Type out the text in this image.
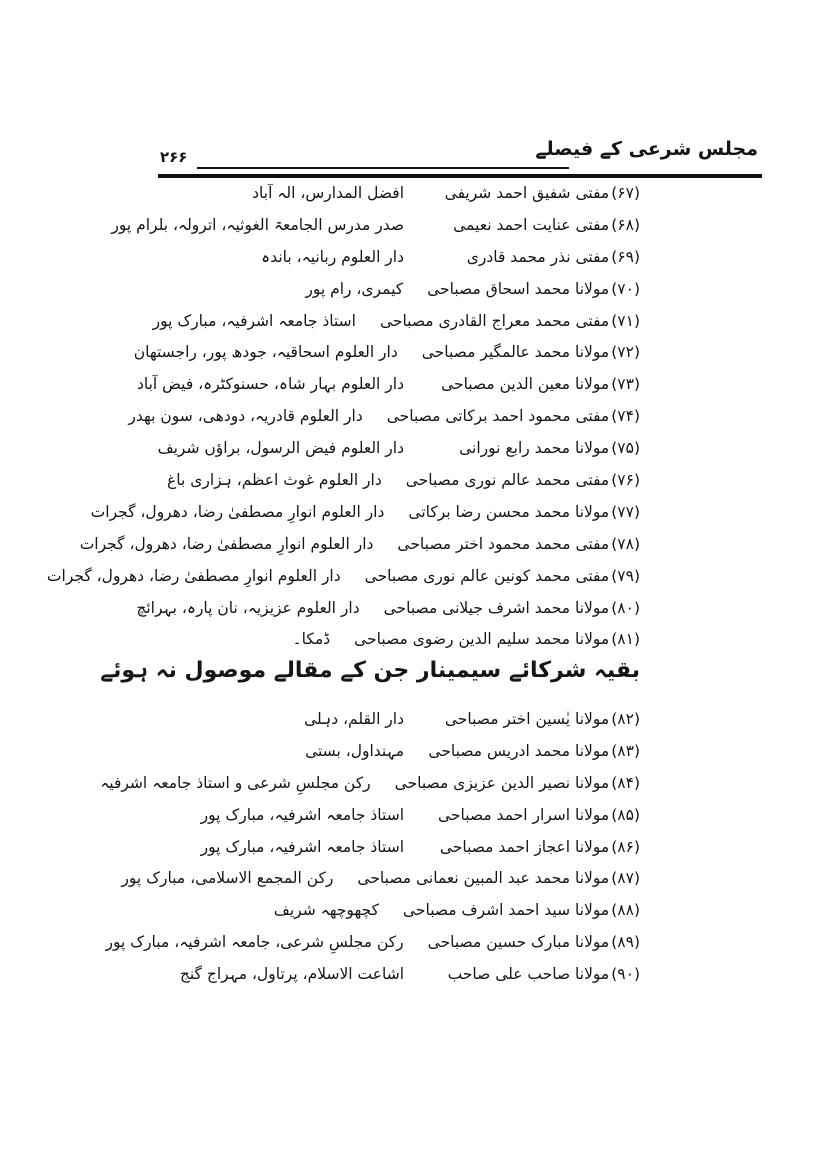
مجلس شرعی کے فیصلے
۲۶۶
(۶۷)مفتی شفیق احمد شریفی
افضل المدارس، الہ آباد
(۶۸)مفتی عنایت احمد نعیمی
صدر مدرس الجامعۃ الغوثیہ، اترولہ، بلرام پور
(۶۹)مفتی نذر محمد قادری
دار العلوم ربانیہ، باندہ
(۷۰)مولانا محمد اسحاق مصباحی
کیمری، رام پور
(۷۱)مفتی محمد معراج القادری مصباحی
استاذ جامعہ اشرفیہ، مبارک پور
(۷۲)مولانا محمد عالمگیر مصباحی
دار العلوم اسحاقیہ، جودھ پور، راجستھان
(۷۳)مولانا معین الدین مصباحی
دار العلوم بہار شاہ، حسنوکٹرہ، فیض آباد
(۷۴)مفتی محمود احمد برکاتی مصباحی
دار العلوم قادریہ، دودھی، سون بھدر
(۷۵)مولانا محمد رابع نورانی
دار العلوم فیض الرسول، براؤں شریف
(۷۶)مفتی محمد عالم نوری مصباحی
دار العلوم غوث اعظم، ہزاری باغ
(۷۷)مولانا محمد محسن رضا برکاتی
دار العلوم انوارِ مصطفیٰ رضا، دھرول، گجرات
(۷۸)مفتی محمد محمود اختر مصباحی
دار العلوم انوارِ مصطفیٰ رضا، دھرول، گجرات
(۷۹)مفتی محمد کونین عالم نوری مصباحی
دار العلوم انوارِ مصطفیٰ رضا، دھرول، گجرات
(۸۰)مولانا محمد اشرف جیلانی مصباحی
دار العلوم عزیزیہ، نان پارہ، بہرائچ
(۸۱)مولانا محمد سلیم الدین رضوی مصباحی
ڈمکا۔
بقیہ شرکائے سیمینار جن کے مقالے موصول نہ ہوئے
(۸۲)مولانا یٰسین اختر مصباحی
دار القلم، دہلی
(۸۳)مولانا محمد ادریس مصباحی
مہنداول، بستی
(۸۴)مولانا نصیر الدین عزیزی مصباحی
رکن مجلسِ شرعی و استاذ جامعہ اشرفیہ
(۸۵)مولانا اسرار احمد مصباحی
استاذ جامعہ اشرفیہ، مبارک پور
(۸۶)مولانا اعجاز احمد مصباحی
استاذ جامعہ اشرفیہ، مبارک پور
(۸۷)مولانا محمد عبد المبین نعمانی مصباحی
رکن المجمع الاسلامی، مبارک پور
(۸۸)مولانا سید احمد اشرف مصباحی
کچھوچھہ شریف
(۸۹)مولانا مبارک حسین مصباحی
رکن مجلسِ شرعی، جامعہ اشرفیہ، مبارک پور
(۹۰)مولانا صاحب علی صاحب
اشاعت الاسلام، پرتاول، مہراج گنج
